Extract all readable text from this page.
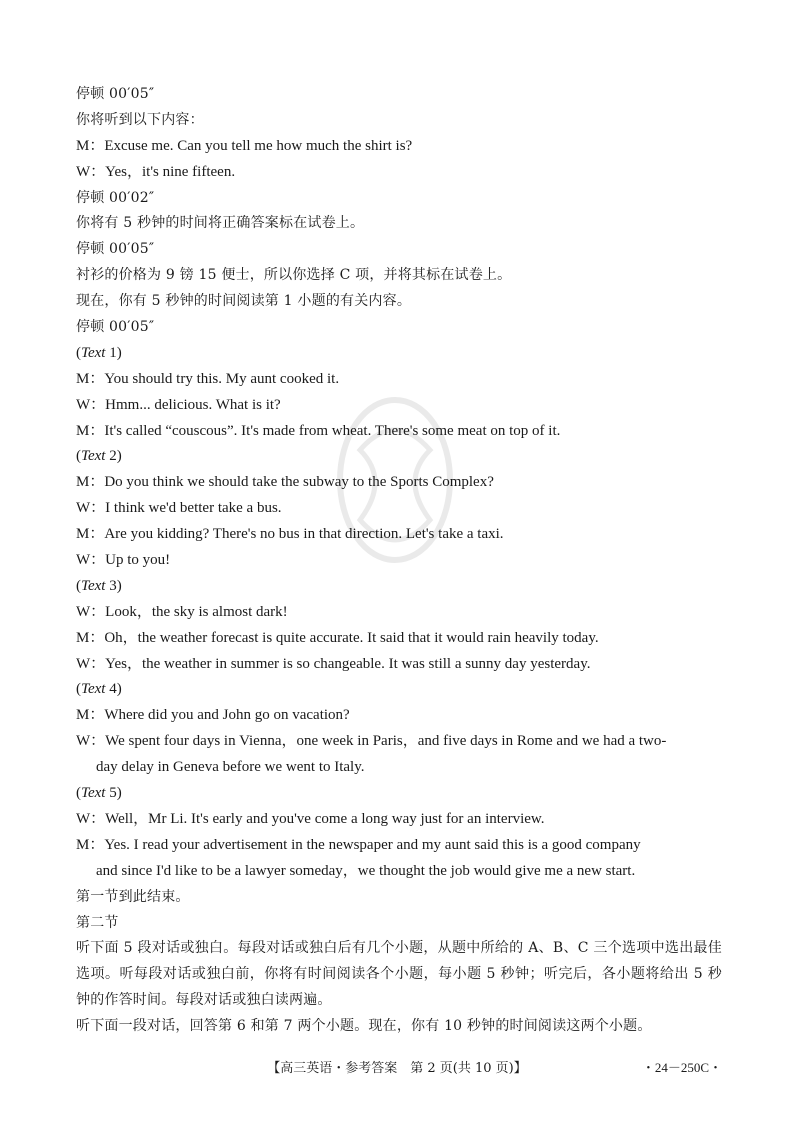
停顿 00′05″
你将听到以下内容：
M：Excuse me. Can you tell me how much the shirt is?
W：Yes，it's nine fifteen.
停顿 00′02″
你将有 5 秒钟的时间将正确答案标在试卷上。
停顿 00′05″
衬衫的价格为 9 镑 15 便士，所以你选择 C 项，并将其标在试卷上。
现在，你有 5 秒钟的时间阅读第 1 小题的有关内容。
停顿 00′05″
(Text 1)
M：You should try this. My aunt cooked it.
W：Hmm... delicious. What is it?
M：It's called “couscous”. It's made from wheat. There's some meat on top of it.
(Text 2)
M：Do you think we should take the subway to the Sports Complex?
W：I think we'd better take a bus.
M：Are you kidding? There's no bus in that direction. Let's take a taxi.
W：Up to you!
(Text 3)
W：Look，the sky is almost dark!
M：Oh，the weather forecast is quite accurate. It said that it would rain heavily today.
W：Yes，the weather in summer is so changeable. It was still a sunny day yesterday.
(Text 4)
M：Where did you and John go on vacation?
W：We spent four days in Vienna，one week in Paris，and five days in Rome and we had a two-
day delay in Geneva before we went to Italy.
(Text 5)
W：Well，Mr Li. It's early and you've come a long way just for an interview.
M：Yes. I read your advertisement in the newspaper and my aunt said this is a good company
and since I'd like to be a lawyer someday，we thought the job would give me a new start.
第一节到此结束。
第二节
听下面 5 段对话或独白。每段对话或独白后有几个小题，从题中所给的 A、B、C 三个选项中选出最佳选项。听每段对话或独白前，你将有时间阅读各个小题，每小题 5 秒钟；听完后，各小题将给出 5 秒钟的作答时间。每段对话或独白读两遍。
听下面一段对话，回答第 6 和第 7 两个小题。现在，你有 10 秒钟的时间阅读这两个小题。
【高三英语・参考答案　第 2 页(共 10 页)】	・24－250C・
